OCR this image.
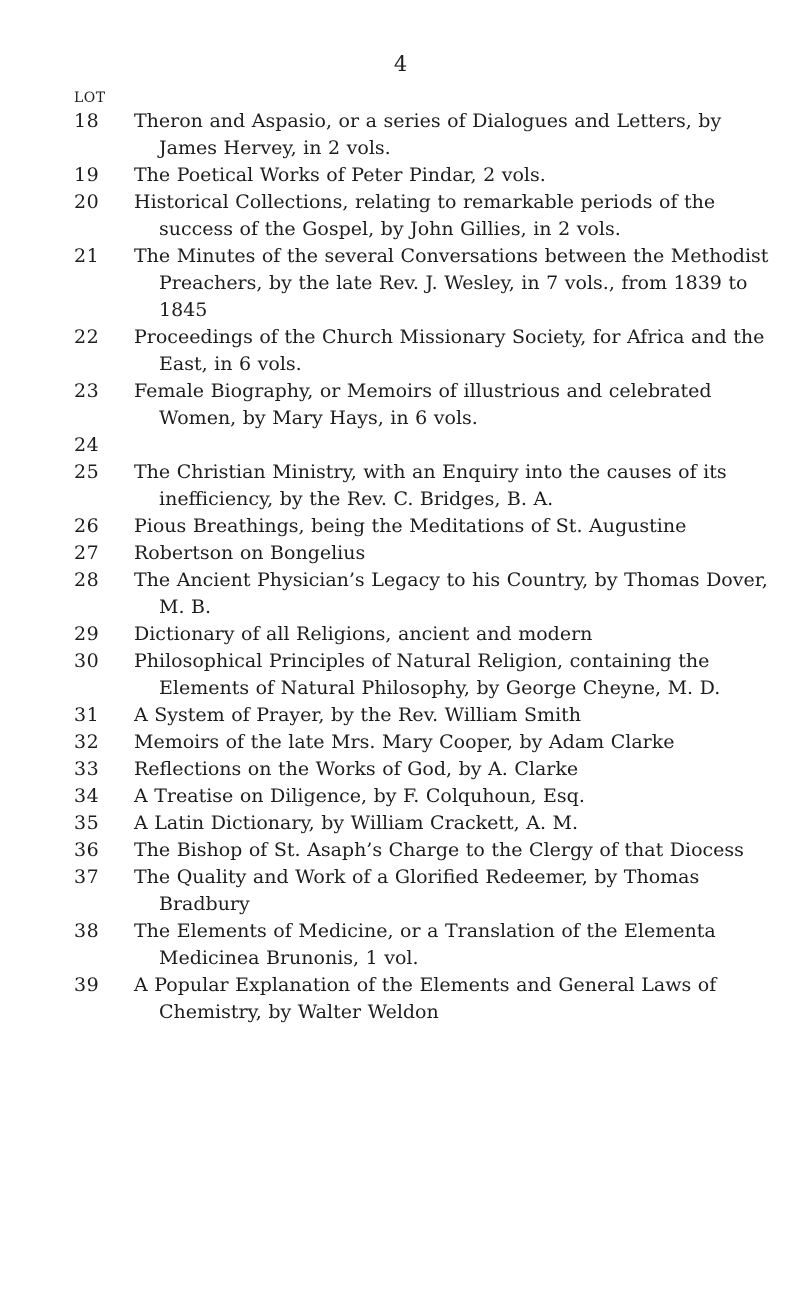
4
LOT
18	Theron and Aspasio, or a series of Dialogues and Letters, by James Hervey, in 2 vols.
19	The Poetical Works of Peter Pindar, 2 vols.
20	Historical Collections, relating to remarkable periods of the success of the Gospel, by John Gillies, in 2 vols.
21	The Minutes of the several Conversations between the Methodist Preachers, by the late Rev. J. Wesley, in 7 vols., from 1839 to 1845
22	Proceedings of the Church Missionary Society, for Africa and the East, in 6 vols.
23	Female Biography, or Memoirs of illustrious and celebrated Women, by Mary Hays, in 6 vols.
24
25	The Christian Ministry, with an Enquiry into the causes of its inefficiency, by the Rev. C. Bridges, B. A.
26	Pious Breathings, being the Meditations of St. Augustine
27	Robertson on Bongelius
28	The Ancient Physician’s Legacy to his Country, by Thomas Dover, M. B.
29	Dictionary of all Religions, ancient and modern
30	Philosophical Principles of Natural Religion, containing the Elements of Natural Philosophy, by George Cheyne, M. D.
31	A System of Prayer, by the Rev. William Smith
32	Memoirs of the late Mrs. Mary Cooper, by Adam Clarke
33	Reflections on the Works of God, by A. Clarke
34	A Treatise on Diligence, by F. Colquhoun, Esq.
35	A Latin Dictionary, by William Crackett, A. M.
36	The Bishop of St. Asaph’s Charge to the Clergy of that Diocess
37	The Quality and Work of a Glorified Redeemer, by Thomas Bradbury
38	The Elements of Medicine, or a Translation of the Elementa Medicinea Brunonis, 1 vol.
39	A Popular Explanation of the Elements and General Laws of Chemistry, by Walter Weldon
